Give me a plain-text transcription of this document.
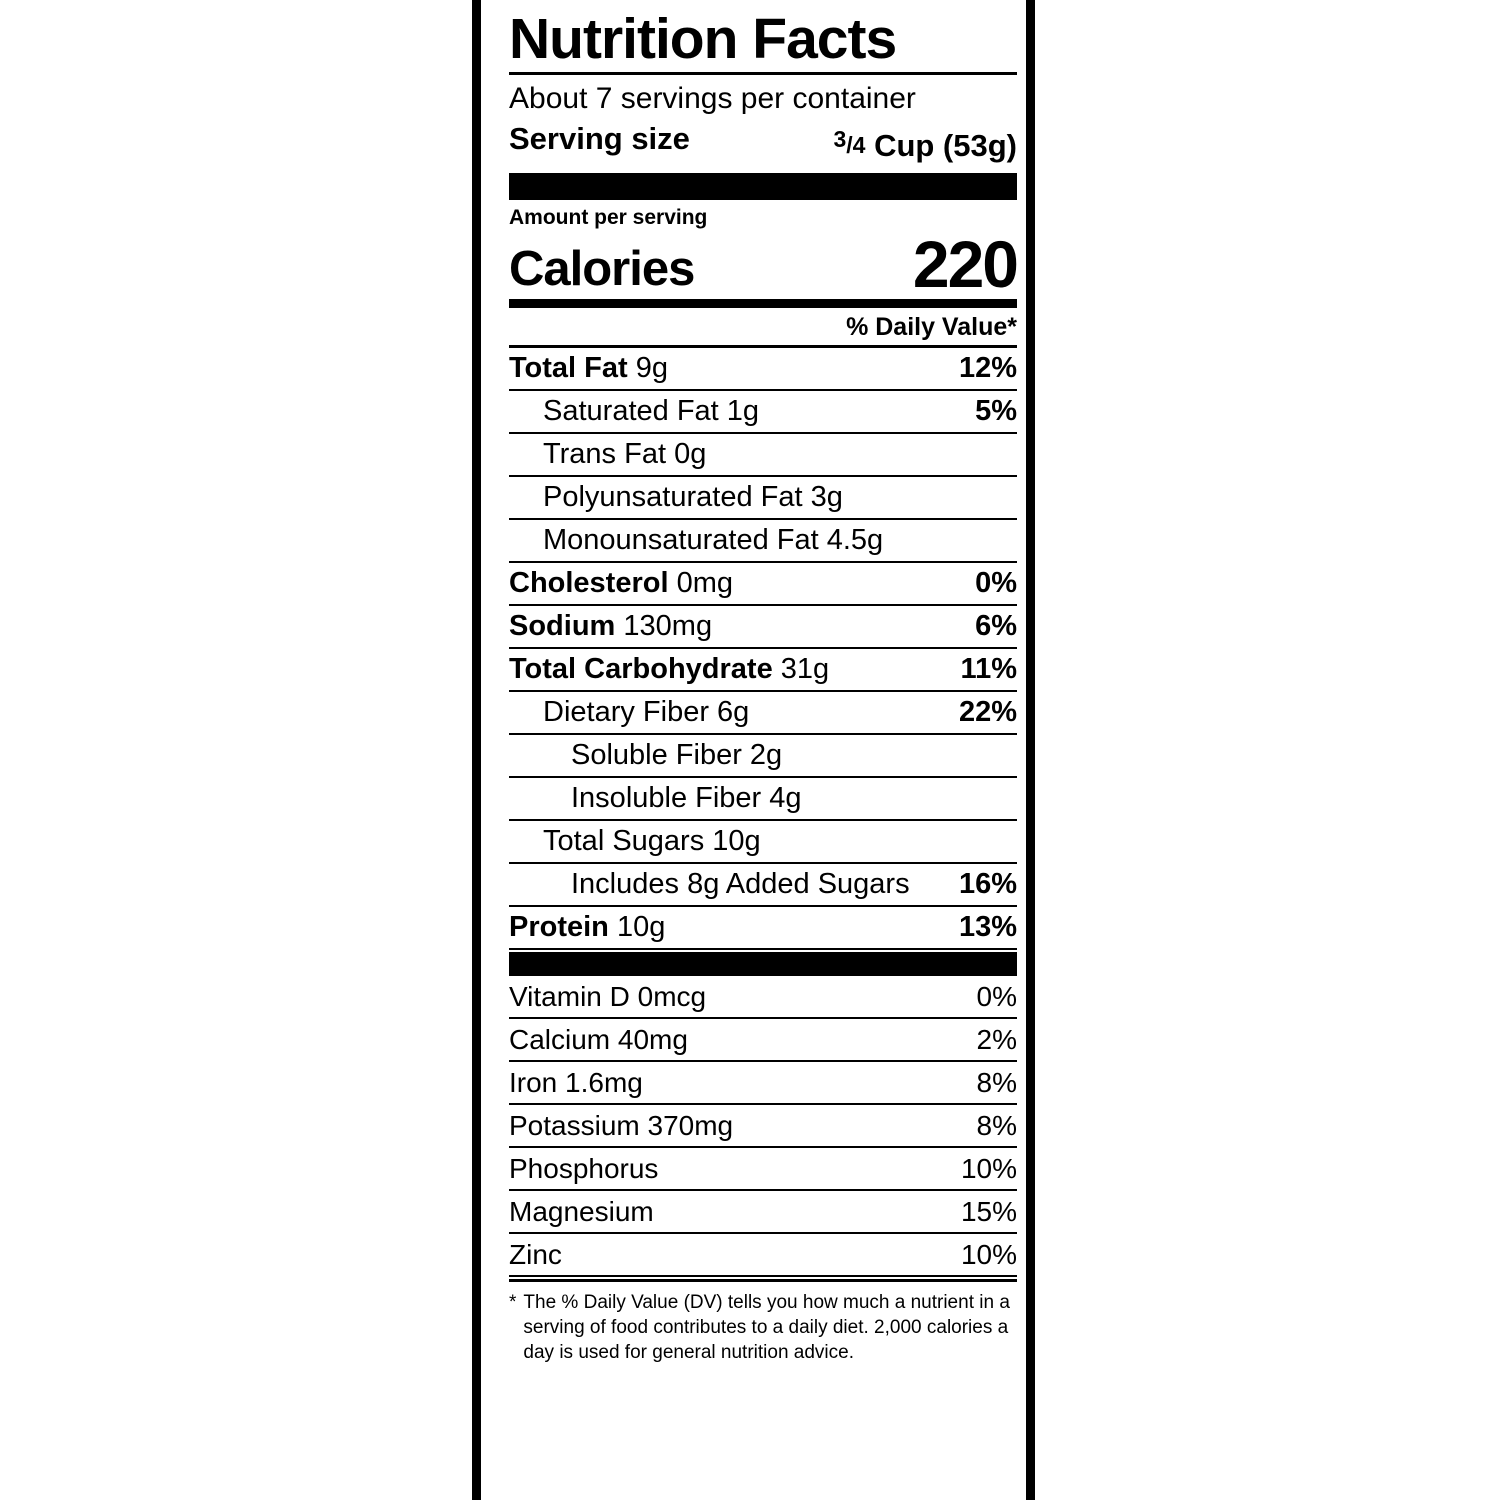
Nutrition Facts
About 7 servings per container
Serving size	$^3$/4 Cup (53g)
Amount per serving
Calories	220
% Daily Value*
Total Fat 9g	12%
Saturated Fat 1g	5%
Trans Fat 0g
Polyunsaturated Fat 3g
Monounsaturated Fat 4.5g
Cholesterol 0mg	0%
Sodium 130mg	6%
Total Carbohydrate 31g	11%
Dietary Fiber 6g	22%
Soluble Fiber 2g
Insoluble Fiber 4g
Total Sugars 10g
Includes 8g Added Sugars 16%
Protein 10g	13%
Vitamin D 0mcg	0%
Calcium 40mg	2%
Iron 1.6mg	8%
Potassium 370mg	8%
Phosphorus	10%
Magnesium	15%
Zinc	10%
* The % Daily Value (DV) tells you how much a nutrient in a serving of food contributes to a daily diet. 2,000 calories a day is used for general nutrition advice.
